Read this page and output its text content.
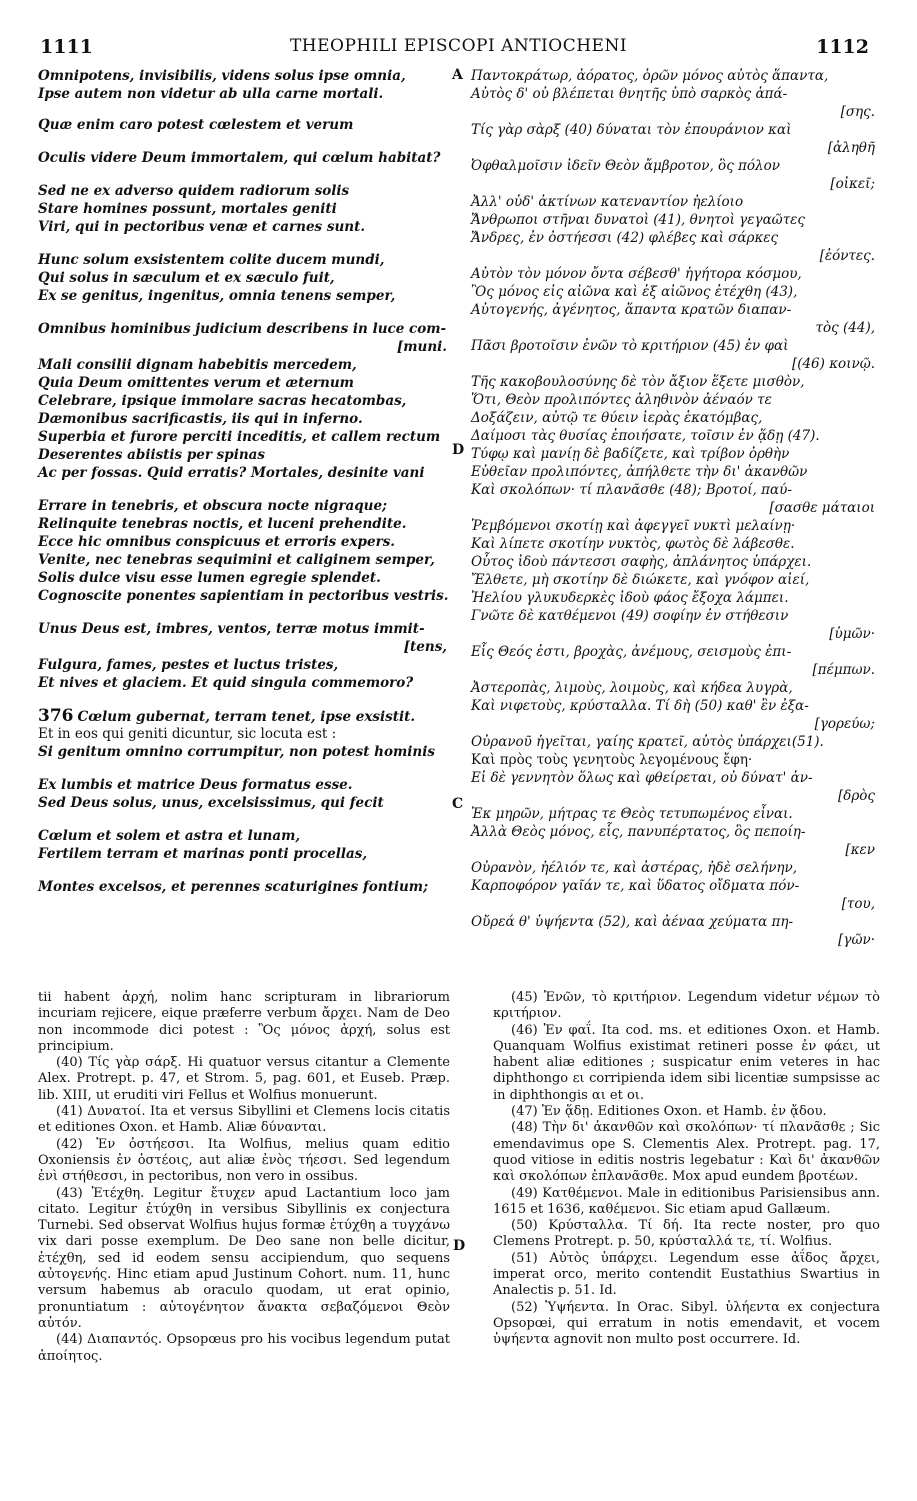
1111	THEOPHILI EPISCOPI ANTIOCHENI	1112
Omnipotens, invisibilis, videns solus ipse omnia,
Ipse autem non videtur ab ulla carne mortali.
Quæ enim caro potest cœlestem et verum
Oculis videre Deum immortalem, qui cœlum habitat?
Sed ne ex adverso quidem radiorum solis
Stare homines possunt, mortales geniti
Viri, qui in pectoribus venæ et carnes sunt.
Hunc solum exsistentem colite ducem mundi,
Qui solus in sæculum et ex sæculo fuit,
Ex se genitus, ingenitus, omnia tenens semper,
Omnibus hominibus judicium describens in luce com-
[muni.
Mali consilii dignam habebitis mercedem,
Quia Deum omittentes verum et æternum
Celebrare, ipsique immolare sacras hecatombas,
Dæmonibus sacrificastis, iis qui in inferno.
Superbia et furore perciti inceditis, et callem rectum
Deserentes abiistis per spinas
Ac per fossas. Quid erratis? Mortales, desinite vani
Errare in tenebris, et obscura nocte nigraque;
Relinquite tenebras noctis, et luceni prehendite.
Ecce hic omnibus conspicuus et erroris expers.
Venite, nec tenebras sequimini et caliginem semper,
Solis dulce visu esse lumen egregie splendet.
Cognoscite ponentes sapientiam in pectoribus vestris.
Unus Deus est, imbres, ventos, terræ motus immit-
[tens,
Fulgura, fames, pestes et luctus tristes,
Et nives et glaciem. Et quid singula commemoro?
376 Cœlum gubernat, terram tenet, ipse exsistit.
Et in eos qui geniti dicuntur, sic locuta est :
Si genitum omnino corrumpitur, non potest hominis
Ex lumbis et matrice Deus formatus esse.
Sed Deus solus, unus, excelsissimus, qui fecit
Cœlum et solem et astra et lunam,
Fertilem terram et marinas ponti procellas,
Montes excelsos, et perennes scaturigines fontium;
A
D
C
Παντοκράτωρ, ἀόρατος, ὁρῶν μόνος αὐτὸς ἅπαντα,
Αὐτὸς δ' οὐ βλέπεται θνητῆς ὑπὸ σαρκὸς ἁπά-
[σης.
Τίς γὰρ σὰρξ (40) δύναται τὸν ἐπουράνιον καὶ
[ἀληθῆ
Ὀφθαλμοῖσιν ἰδεῖν Θεὸν ἄμβροτον, ὃς πόλον
[οἰκεῖ;
Ἀλλ' οὐδ' ἀκτίνων κατεναντίον ἠελίοιο
Ἄνθρωποι στῆναι δυνατοὶ (41), θνητοὶ γεγαῶτες
Ἄνδρες, ἐν ὀστήεσσι (42) φλέβες καὶ σάρκες
[ἐόντες.
Αὐτὸν τὸν μόνον ὄντα σέβεσθ' ἡγήτορα κόσμου,
Ὃς μόνος εἰς αἰῶνα καὶ ἐξ αἰῶνος ἐτέχθη (43),
Αὐτογενής, ἀγένητος, ἅπαντα κρατῶν διαπαν-
τὸς (44),
Πᾶσι βροτοῖσιν ἐνῶν τὸ κριτήριον (45) ἐν φαὶ
[(46) κοινῷ.
Τῆς κακοβουλοσύνης δὲ τὸν ἄξιον ἕξετε μισθὸν,
Ὅτι, Θεὸν προλιπόντες ἀληθινὸν ἀέναόν τε
Δοξάζειν, αὐτῷ τε θύειν ἱερὰς ἑκατόμβας,
Δαίμοσι τὰς θυσίας ἐποιήσατε, τοῖσιν ἐν ᾅδῃ (47).
Τύφῳ καὶ μανίῃ δὲ βαδίζετε, καὶ τρίβον ὀρθὴν
Εὐθεῖαν προλιπόντες, ἀπήλθετε τὴν δι' ἀκανθῶν
Καὶ σκολόπων· τί πλανᾶσθε (48); Βροτοί, παύ-
[σασθε μάταιοι
Ῥεμβόμενοι σκοτίῃ καὶ ἀφεγγεῖ νυκτὶ μελαίνῃ·
Καὶ λίπετε σκοτίην νυκτὸς, φωτὸς δὲ λάβεσθε.
Οὗτος ἰδοὺ πάντεσσι σαφὴς, ἀπλάνητος ὑπάρχει.
Ἔλθετε, μὴ σκοτίην δὲ διώκετε, καὶ γνόφον αἰεί,
Ἠελίου γλυκυδερκὲς ἰδοὺ φάος ἔξοχα λάμπει.
Γνῶτε δὲ κατθέμενοι (49) σοφίην ἐν στήθεσιν
[ὑμῶν·
Εἷς Θεός ἐστι, βροχὰς, ἀνέμους, σεισμοὺς ἐπι-
[πέμπων.
Ἀστεροπὰς, λιμοὺς, λοιμοὺς, καὶ κήδεα λυγρὰ,
Καὶ νιφετοὺς, κρύσταλλα. Τί δὴ (50) καθ' ἓν ἐξα-
[γορεύω;
Οὐρανοῦ ἡγεῖται, γαίης κρατεῖ, αὐτὸς ὑπάρχει(51).
Καὶ πρὸς τοὺς γενητοὺς λεγομένους ἔφη·
Εἰ δὲ γεννητὸν ὅλως καὶ φθείρεται, οὐ δύνατ' ἀν-
[δρὸς
Ἐκ μηρῶν, μήτρας τε Θεὸς τετυπωμένος εἶναι.
Ἀλλὰ Θεὸς μόνος, εἷς, πανυπέρτατος, ὃς πεποίη-
[κεν
Οὐρανὸν, ἠέλιόν τε, καὶ ἀστέρας, ἠδὲ σελήνην,
Καρποφόρον γαῖάν τε, καὶ ὕδατος οἴδματα πόν-
[του,
Οὔρεά θ' ὑψήεντα (52), καὶ ἀέναα χεύματα πη-
[γῶν·

tii habent ἀρχή, nolim hanc scripturam in librariorum incuriam rejicere, eique præferre verbum ἄρχει. Nam de Deo non incommode dici potest : Ὃς μόνος ἀρχή, solus est principium.

(40) Τίς γὰρ σάρξ. Hi quatuor versus citantur a Clemente Alex. Protrept. p. 47, et Strom. 5, pag. 601, et Euseb. Præp. lib. XIII, ut eruditi viri Fellus et Wolfius monuerunt.

(41) Δυνατοί. Ita et versus Sibyllini et Clemens locis citatis et editiones Oxon. et Hamb. Aliæ δύνανται.

(42) Ἐν ὀστήεσσι. Ita Wolfius, melius quam editio Oxoniensis ἐν ὀστέοις, aut aliæ ἐνὸς τήεσσι. Sed legendum ἐνὶ στήθεσσι, in pectoribus, non vero in ossibus.

(43) Ἐτέχθη. Legitur ἔτυχεν apud Lactantium loco jam citato. Legitur ἐτύχθη in versibus Sibyllinis ex conjectura Turnebi. Sed observat Wolfius hujus formæ ἐτύχθη a τυγχάνω vix dari posse exemplum. De Deo sane non belle dicitur, ἐτέχθη, sed id eodem sensu accipiendum, quo sequens αὐτογενής. Hinc etiam apud Justinum Cohort. num. 11, hunc versum habemus ab oraculo quodam, ut erat opinio, pronuntiatum : αὐτογένητον ἄνακτα σεβαζόμενοι Θεὸν αὐτόν.

(44) Διαπαντός. Opsopœus pro his vocibus legendum putat ἀποίητος.

D

(45) Ἐνῶν, τὸ κριτήριον. Legendum videtur νέμων τὸ κριτήριον.

(46) Ἐν φαΐ. Ita cod. ms. et editiones Oxon. et Hamb. Quanquam Wolfius existimat retineri posse ἐν φάει, ut habent aliæ editiones ; suspicatur enim veteres in hac diphthongo ει corripienda idem sibi licentiæ sumpsisse ac in diphthongis αι et οι.

(47) Ἐν ᾅδῃ. Editiones Oxon. et Hamb. ἐν ᾄδου.

(48) Τὴν δι' ἀκανθῶν καὶ σκολόπων· τί πλανᾶσθε ; Sic emendavimus ope S. Clementis Alex. Protrept. pag. 17, quod vitiose in editis nostris legebatur : Καὶ δι' ἀκανθῶν καὶ σκολόπων ἐπλανᾶσθε. Mox apud eundem βροτέων.

(49) Κατθέμενοι. Male in editionibus Parisiensibus ann. 1615 et 1636, καθέμενοι. Sic etiam apud Gallæum.

(50) Κρύσταλλα. Τί δή. Ita recte noster, pro quo Clemens Protrept. p. 50, κρύσταλλά τε, τί. Wolfius.

(51) Αὐτὸς ὑπάρχει. Legendum esse ἀΐδος ἄρχει, imperat orco, merito contendit Eustathius Swartius in Analectis p. 51. Id.

(52) Ὑψήεντα. In Orac. Sibyl. ὑλήεντα ex conjectura Opsopœi, qui erratum in notis emendavit, et vocem ὑψήεντα agnovit non multo post occurrere. Id.
